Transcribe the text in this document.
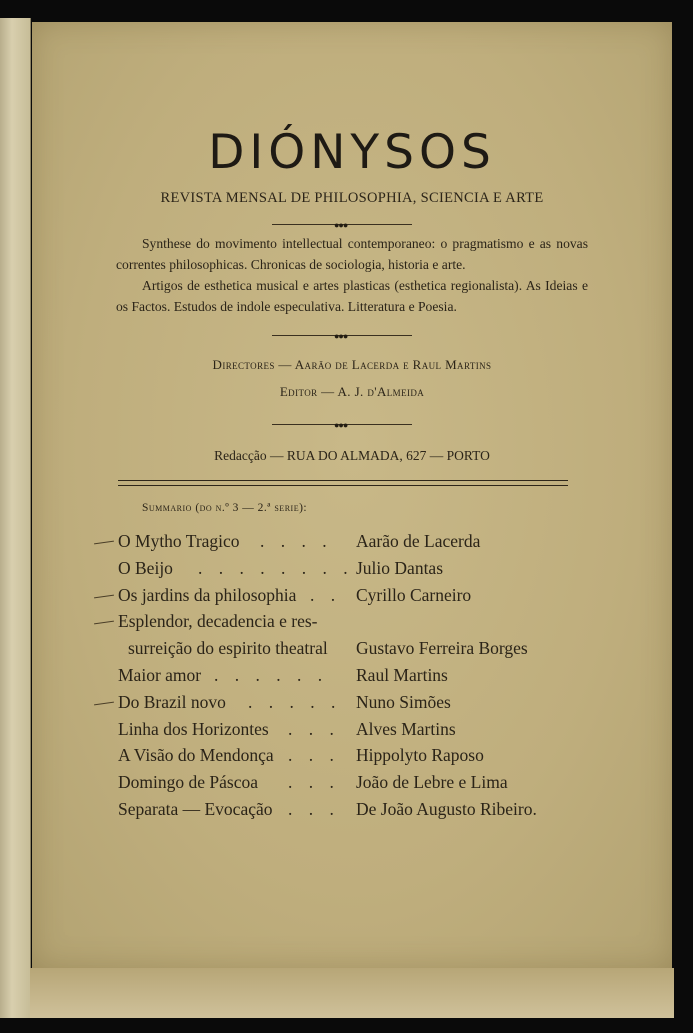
DIÓNYSOS
REVISTA MENSAL DE PHILOSOPHIA, SCIENCIA E ARTE
●●●

Synthese do movimento intellectual contemporaneo: o pragmatismo e as novas correntes philosophicas. Chronicas de sociologia, historia e arte.

Artigos de esthetica musical e artes plasticas (esthetica regionalista). As Ideias e os Factos. Estudos de indole especulativa. Litteratura e Poesia.

●●●
Directores — Aarão de Lacerda e Raul Martins
Editor — A. J. d'Almeida
●●●
Redacção — RUA DO ALMADA, 627 — PORTO
Summario (do n.º 3 — 2.ª serie):
O Mytho Tragico . . . . Aarão de Lacerda
O Beijo . . . . . . . . Julio Dantas
Os jardins da philosophia . . Cyrillo Carneiro
Esplendor, decadencia e res-
surreição do espirito theatral Gustavo Ferreira Borges
Maior amor . . . . . . Raul Martins
Do Brazil novo . . . . . Nuno Simões
Linha dos Horizontes . . . Alves Martins
A Visão do Mendonça . . . Hippolyto Raposo
Domingo de Páscoa . . . João de Lebre e Lima
Separata — Evocação . . . De João Augusto Ribeiro.
